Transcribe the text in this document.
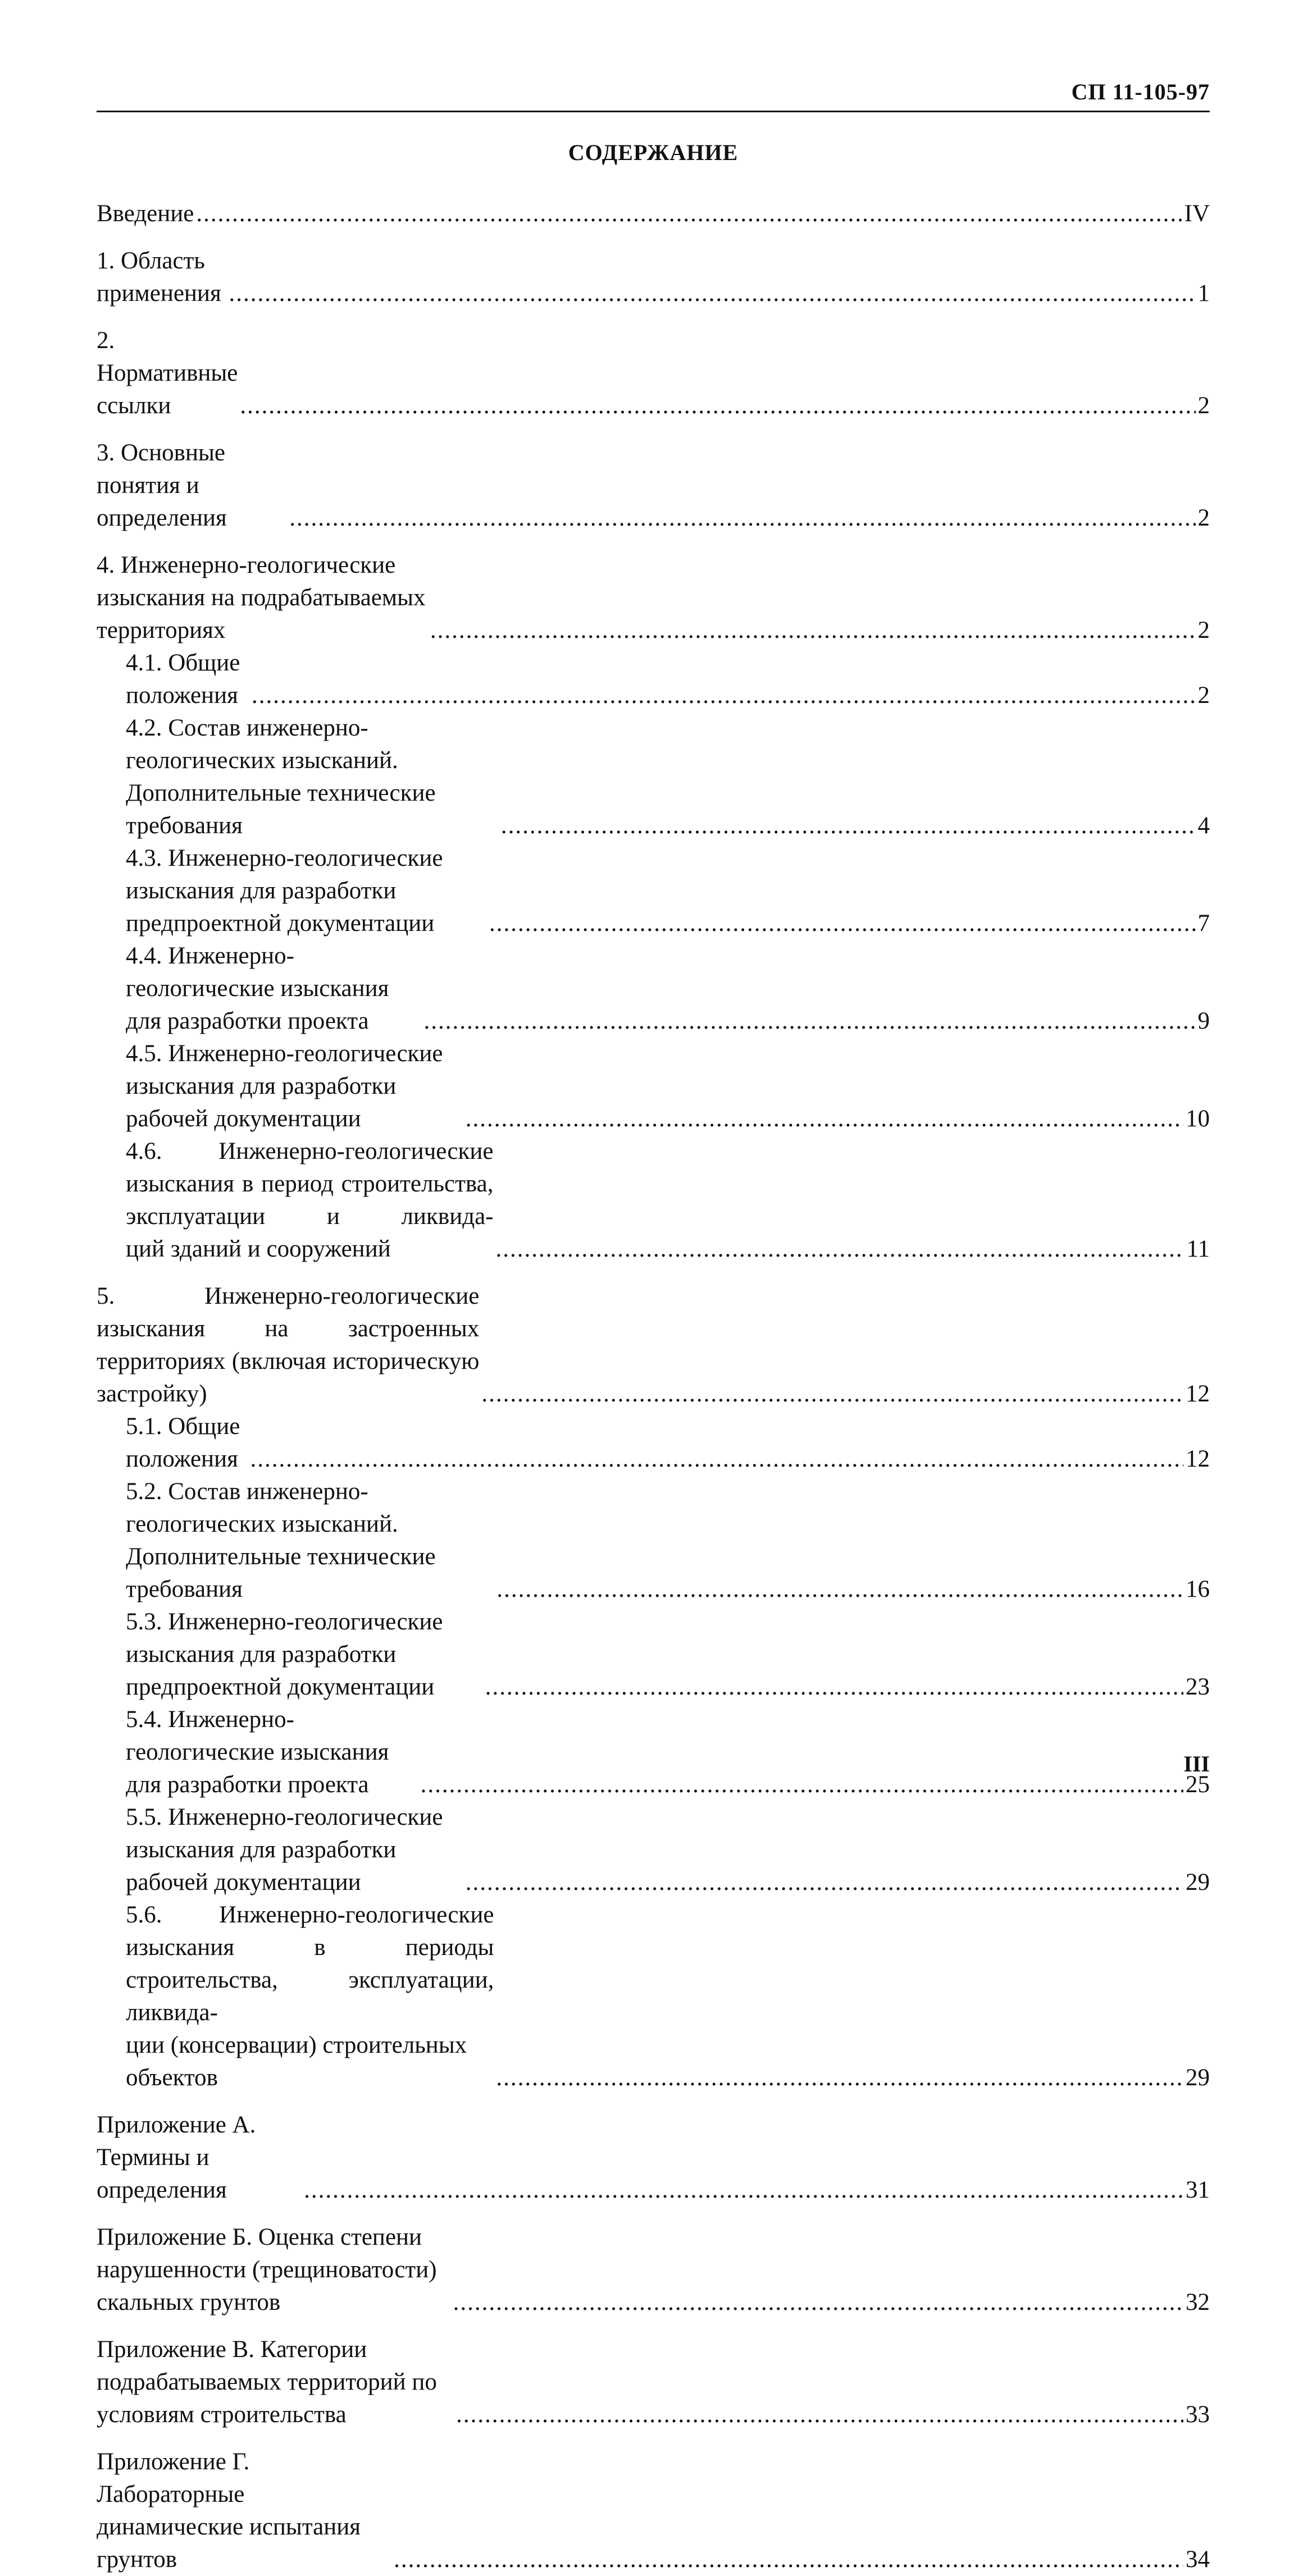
СП 11-105-97
СОДЕРЖАНИЕ
Введение .....	IV
1. Область применения .....	1
2. Нормативные ссылки .....	2
3. Основные понятия и определения .....	2
4. Инженерно-геологические изыскания на подрабатываемых территориях .....	2
4.1. Общие положения .....	2
4.2. Состав инженерно-геологических изысканий. Дополнительные технические требования .....	4
4.3. Инженерно-геологические изыскания для разработки предпроектной документации .....	7
4.4. Инженерно-геологические изыскания для разработки проекта .....	9
4.5. Инженерно-геологические изыскания для разработки рабочей документации .....	10
4.6. Инженерно-геологические изыскания в период строительства, эксплуатации и ликвида-
ций зданий и сооружений .....	11
5. Инженерно-геологические изыскания на застроенных территориях (включая историческую
застройку) .....	12
5.1. Общие положения .....	12
5.2. Состав инженерно-геологических изысканий. Дополнительные технические требования .....	16
5.3. Инженерно-геологические изыскания для разработки предпроектной документации .....	23
5.4. Инженерно-геологические изыскания для разработки проекта .....	25
5.5. Инженерно-геологические изыскания для разработки рабочей документации .....	29
5.6. Инженерно-геологические изыскания в периоды строительства, эксплуатации, ликвида-
ции (консервации) строительных объектов .....	29
Приложение А. Термины и определения .....	31
Приложение Б. Оценка степени нарушенности (трещиноватости) скальных грунтов .....	32
Приложение В. Категории подрабатываемых территорий по условиям строительства .....	33
Приложение Г. Лабораторные динамические испытания грунтов .....	34
III
